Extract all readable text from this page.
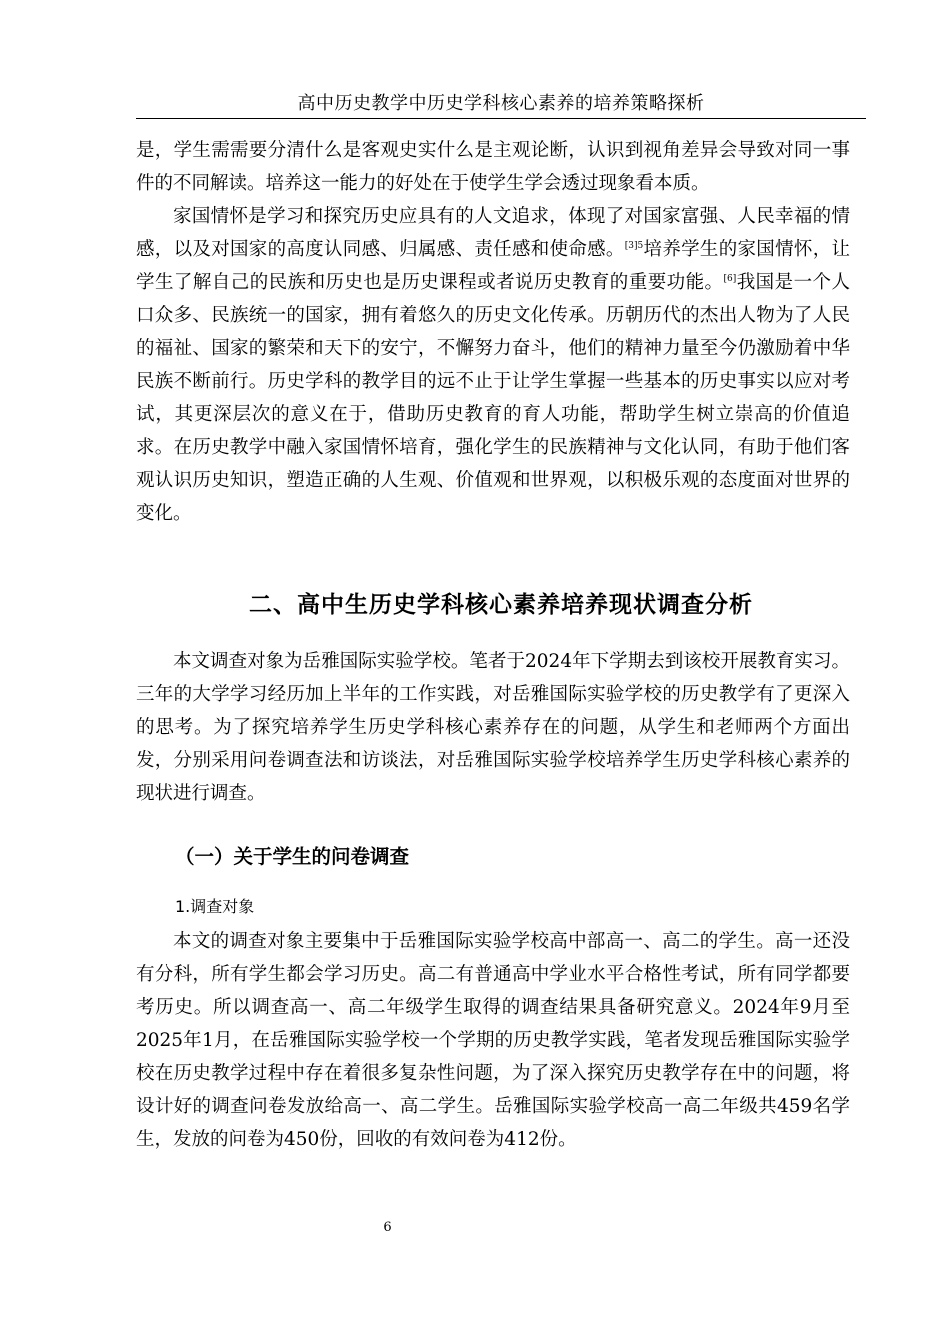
高中历史教学中历史学科核心素养的培养策略探析

是，学生需需要分清什么是客观史实什么是主观论断，认识到视角差异会导致对同一事件的不同解读。培养这一能力的好处在于使学生学会透过现象看本质。

家国情怀是学习和探究历史应具有的人文追求，体现了对国家富强、人民幸福的情感，以及对国家的高度认同感、归属感、责任感和使命感。$^{[3]5}$培养学生的家国情怀，让学生了解自己的民族和历史也是历史课程或者说历史教育的重要功能。[6]我国是一个人口众多、民族统一的国家，拥有着悠久的历史文化传承。历朝历代的杰出人物为了人民的福祉、国家的繁荣和天下的安宁，不懈努力奋斗，他们的精神力量至今仍激励着中华民族不断前行。历史学科的教学目的远不止于让学生掌握一些基本的历史事实以应对考试，其更深层次的意义在于，借助历史教育的育人功能，帮助学生树立崇高的价值追求。在历史教学中融入家国情怀培育，强化学生的民族精神与文化认同，有助于他们客观认识历史知识，塑造正确的人生观、价值观和世界观，以积极乐观的态度面对世界的变化。

二、高中生历史学科核心素养培养现状调查分析

本文调查对象为岳雅国际实验学校。笔者于2024年下学期去到该校开展教育实习。三年的大学学习经历加上半年的工作实践，对岳雅国际实验学校的历史教学有了更深入的思考。为了探究培养学生历史学科核心素养存在的问题，从学生和老师两个方面出发，分别采用问卷调查法和访谈法，对岳雅国际实验学校培养学生历史学科核心素养的现状进行调查。

（一）关于学生的问卷调查
1.调查对象

本文的调查对象主要集中于岳雅国际实验学校高中部高一、高二的学生。高一还没有分科，所有学生都会学习历史。高二有普通高中学业水平合格性考试，所有同学都要考历史。所以调查高一、高二年级学生取得的调查结果具备研究意义。2024年9月至2025年1月，在岳雅国际实验学校一个学期的历史教学实践，笔者发现岳雅国际实验学校在历史教学过程中存在着很多复杂性问题，为了深入探究历史教学存在中的问题，将设计好的调查问卷发放给高一、高二学生。岳雅国际实验学校高一高二年级共459名学生，发放的问卷为450份，回收的有效问卷为412份。

6
